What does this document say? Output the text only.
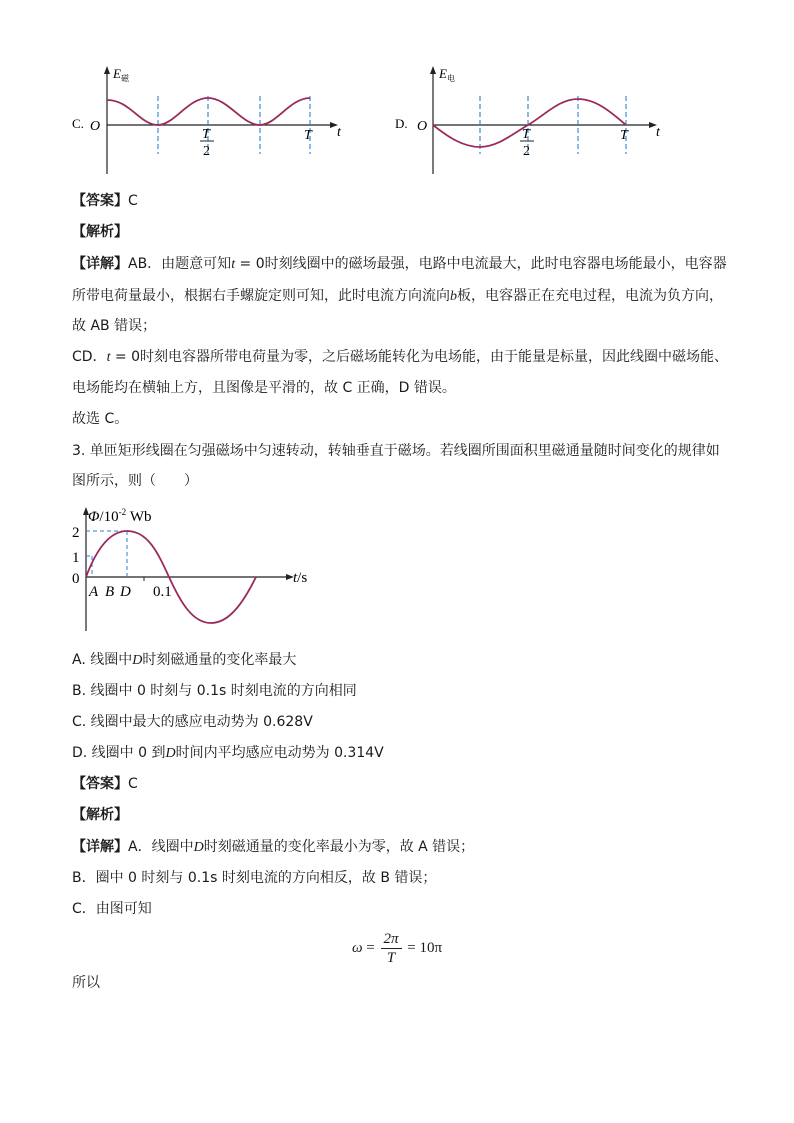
C.
$E_磁$
O	t
T
2
T
D.
$E_电$
O	t
T
2
T
【答案】C
【解析】
【详解】AB．由题意可知t = 0时刻线圈中的磁场最强，电路中电流最大，此时电容器电场能最小，电容器
所带电荷量最小，根据右手螺旋定则可知，此时电流方向流向b板，电容器正在充电过程，电流为负方向，
故 AB 错误；
CD．t = 0时刻电容器所带电荷量为零，之后磁场能转化为电场能，由于能量是标量，因此线圈中磁场能、
电场能均在横轴上方，且图像是平滑的，故 C 正确，D 错误。
故选 C。
3. 单匝矩形线圈在匀强磁场中匀速转动，转轴垂直于磁场。若线圈所围面积里磁通量随时间变化的规律如
图所示，则（　　）
$\Phi/10^{-2}$ Wb
2
1
0
A B D 0.1
t/s
A. 线圈中D时刻磁通量的变化率最大
B. 线圈中 0 时刻与 0.1s 时刻电流的方向相同
C. 线圈中最大的感应电动势为 0.628V
D. 线圈中 0 到D时间内平均感应电动势为 0.314V
【答案】C
【解析】
【详解】A．线圈中D时刻磁通量的变化率最小为零，故 A 错误；
B．圈中 0 时刻与 0.1s 时刻电流的方向相反，故 B 错误；
C．由图可知
$\omega = \frac{2\pi}{T} = 10\pi$
所以
